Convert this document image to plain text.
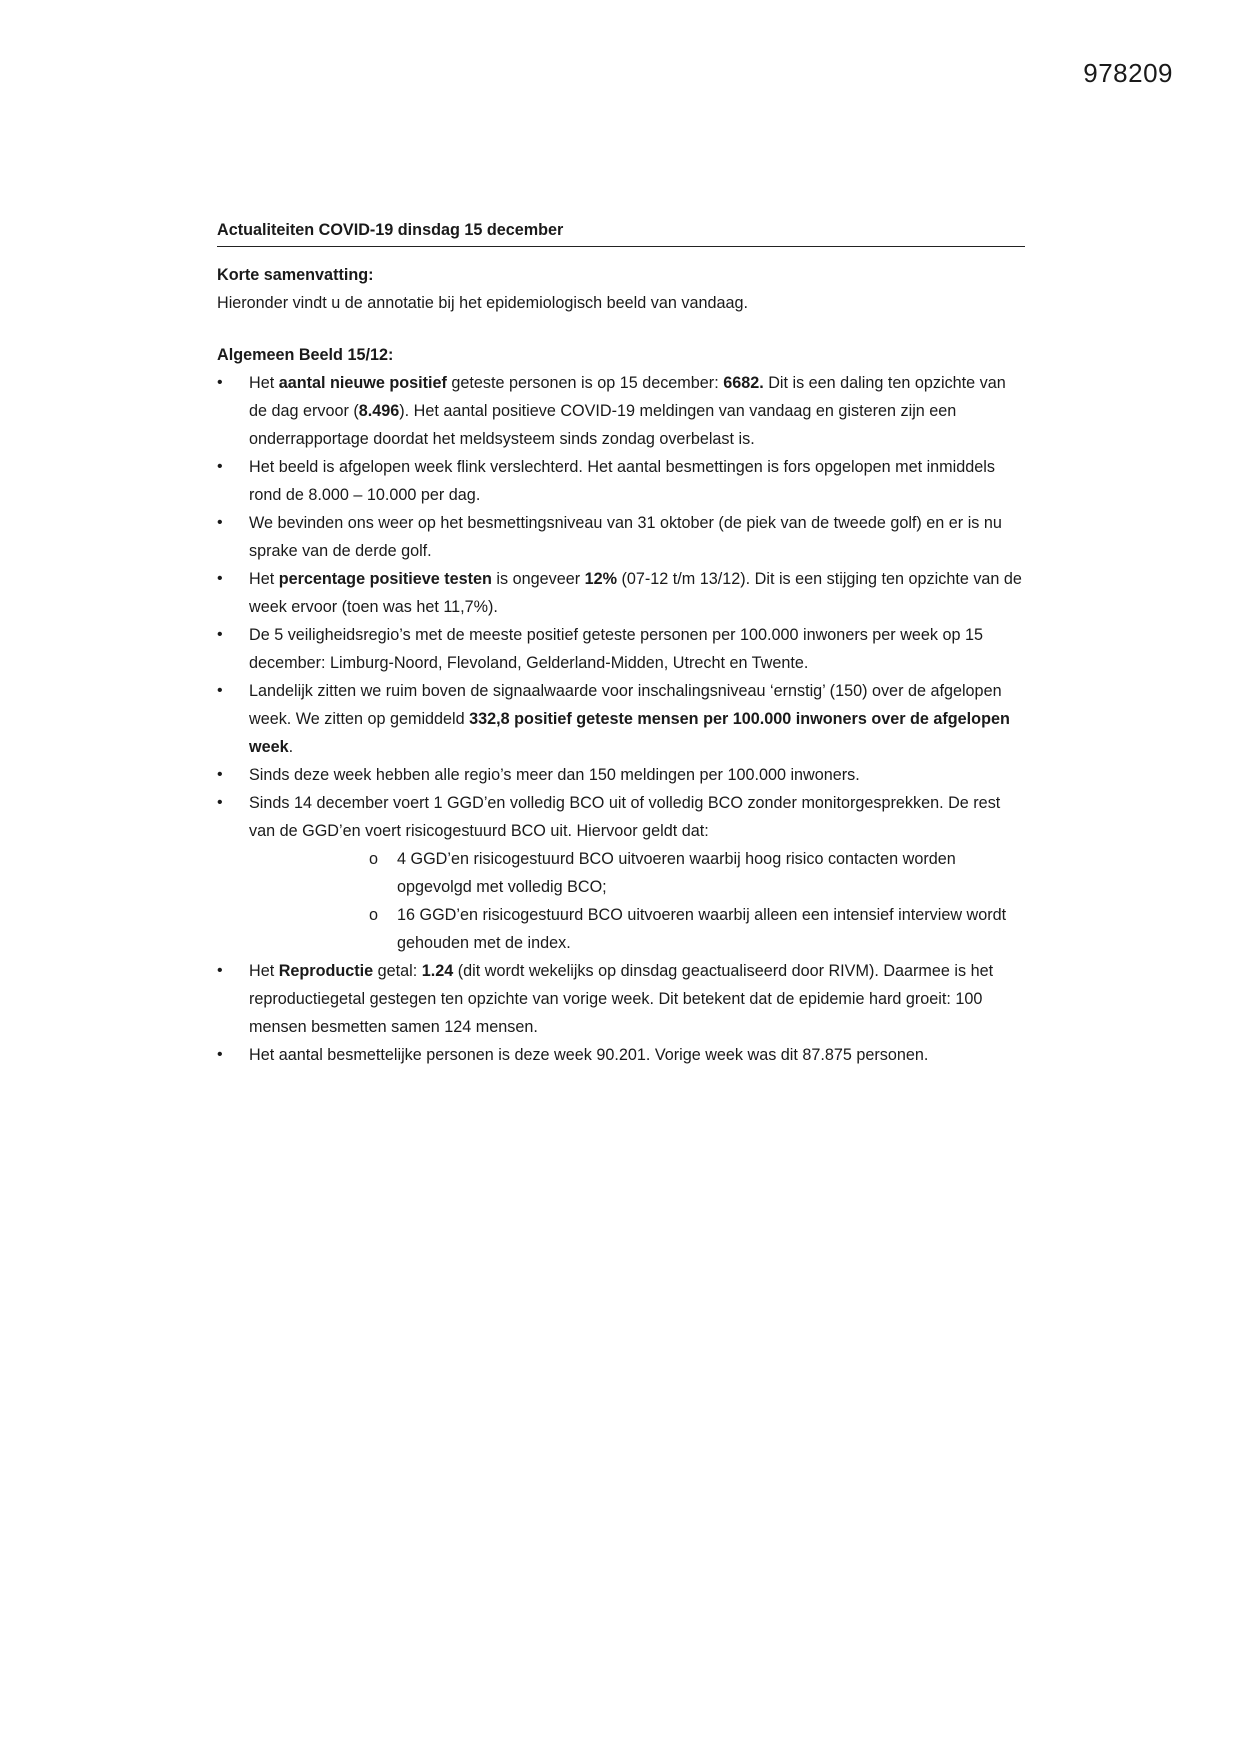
978209
Actualiteiten COVID-19 dinsdag 15 december
Korte samenvatting:
Hieronder vindt u de annotatie bij het epidemiologisch beeld van vandaag.
Algemeen Beeld 15/12:
• Het aantal nieuwe positief geteste personen is op 15 december: 6682. Dit is een daling ten opzichte van de dag ervoor (8.496). Het aantal positieve COVID-19 meldingen van vandaag en gisteren zijn een onderrapportage doordat het meldsysteem sinds zondag overbelast is.
• Het beeld is afgelopen week flink verslechterd. Het aantal besmettingen is fors opgelopen met inmiddels rond de 8.000 – 10.000 per dag.
• We bevinden ons weer op het besmettingsniveau van 31 oktober (de piek van de tweede golf) en er is nu sprake van de derde golf.
• Het percentage positieve testen is ongeveer 12% (07-12 t/m 13/12). Dit is een stijging ten opzichte van de week ervoor (toen was het 11,7%).
• De 5 veiligheidsregio’s met de meeste positief geteste personen per 100.000 inwoners per week op 15 december: Limburg-Noord, Flevoland, Gelderland-Midden, Utrecht en Twente.
• Landelijk zitten we ruim boven de signaalwaarde voor inschalingsniveau ‘ernstig’ (150) over de afgelopen week. We zitten op gemiddeld 332,8 positief geteste mensen per 100.000 inwoners over de afgelopen week.
• Sinds deze week hebben alle regio’s meer dan 150 meldingen per 100.000 inwoners.
• Sinds 14 december voert 1 GGD’en volledig BCO uit of volledig BCO zonder monitorgesprekken. De rest van de GGD’en voert risicogestuurd BCO uit. Hiervoor geldt dat:
o 4 GGD’en risicogestuurd BCO uitvoeren waarbij hoog risico contacten worden opgevolgd met volledig BCO;
o 16 GGD’en risicogestuurd BCO uitvoeren waarbij alleen een intensief interview wordt gehouden met de index.
• Het Reproductie getal: 1.24 (dit wordt wekelijks op dinsdag geactualiseerd door RIVM). Daarmee is het reproductiegetal gestegen ten opzichte van vorige week. Dit betekent dat de epidemie hard groeit: 100 mensen besmetten samen 124 mensen.
• Het aantal besmettelijke personen is deze week 90.201. Vorige week was dit 87.875 personen.
